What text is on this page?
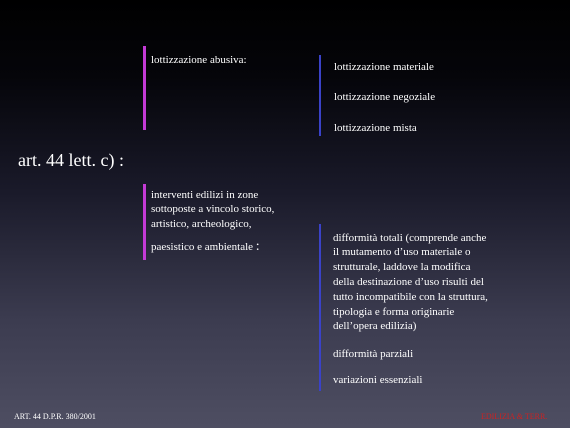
art. 44 lett. c) :
lottizzazione abusiva:
lottizzazione materiale
lottizzazione negoziale
lottizzazione mista
interventi edilizi in zone
sottoposte a vincolo storico,
artistico, archeologico,
paesistico e ambientale :
difformità totali (comprende anche
il mutamento d’uso materiale o
strutturale, laddove la modifica
della destinazione d’uso risulti del
tutto incompatibile con la struttura,
tipologia e forma originarie
dell’opera edilizia)
difformità parziali
variazioni essenziali
ART. 44 D.P.R. 380/2001	EDILIZIA & TERR.
